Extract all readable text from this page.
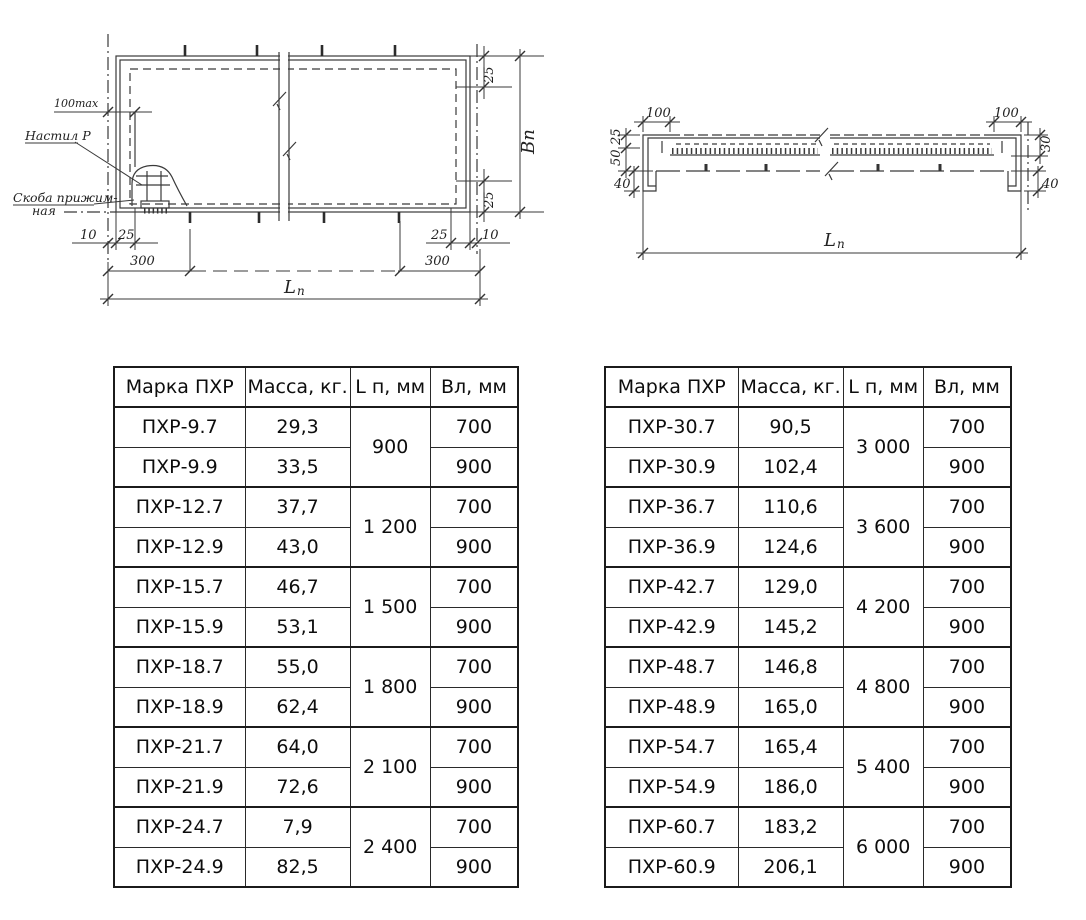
Настил Р
Скоба прижим-
ная
100max
25
25
Вп
10 25	25	10
300	300
L п
100
25
50
40
100
30
40
L п
Марка ПХР	Масса, кг.	L п, мм	Вл, мм
ПХР-9.7	29,3	900	700
ПХР-9.9	33,5		900
ПХР-12.7	37,7	1 200	700
ПХР-12.9	43,0		900
ПХР-15.7	46,7	1 500	700
ПХР-15.9	53,1		900
ПХР-18.7	55,0	1 800	700
ПХР-18.9	62,4		900
ПХР-21.7	64,0	2 100	700
ПХР-21.9	72,6		900
ПХР-24.7	7,9	2 400	700
ПХР-24.9	82,5		900
Марка ПХР	Масса, кг.	L п, мм	Вл, мм
ПХР-30.7	90,5	3 000	700
ПХР-30.9	102,4		900
ПХР-36.7	110,6	3 600	700
ПХР-36.9	124,6		900
ПХР-42.7	129,0	4 200	700
ПХР-42.9	145,2		900
ПХР-48.7	146,8	4 800	700
ПХР-48.9	165,0		900
ПХР-54.7	165,4	5 400	700
ПХР-54.9	186,0		900
ПХР-60.7	183,2	6 000	700
ПХР-60.9	206,1		900
